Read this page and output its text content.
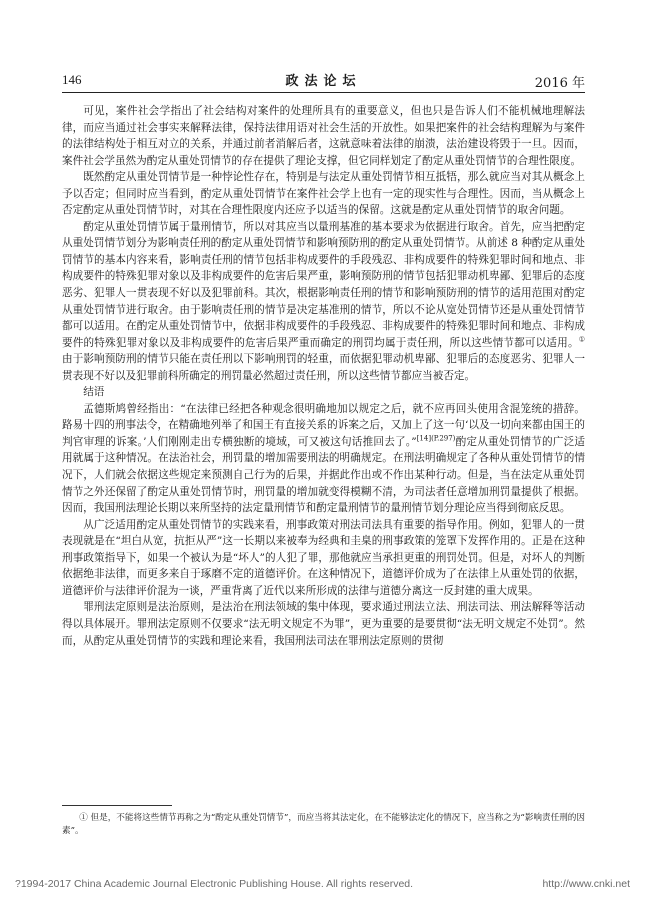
146	政法论坛	2016 年

可见，案件社会学指出了社会结构对案件的处理所具有的重要意义，但也只是告诉人们不能机械地理解法律，而应当通过社会事实来解释法律，保持法律用语对社会生活的开放性。如果把案件的社会结构理解为与案件的法律结构处于相互对立的关系，并通过前者消解后者，这就意味着法律的崩溃，法治建设将毁于一旦。因而，案件社会学虽然为酌定从重处罚情节的存在提供了理论支撑，但它同样划定了酌定从重处罚情节的合理性限度。

既然酌定从重处罚情节是一种悖论性存在，特别是与法定从重处罚情节相互抵牾，那么就应当对其从概念上予以否定；但同时应当看到，酌定从重处罚情节在案件社会学上也有一定的现实性与合理性。因而，当从概念上否定酌定从重处罚情节时，对其在合理性限度内还应予以适当的保留。这就是酌定从重处罚情节的取舍问题。

酌定从重处罚情节属于量刑情节，所以对其应当以量刑基准的基本要求为依据进行取舍。首先，应当把酌定从重处罚情节划分为影响责任刑的酌定从重处罚情节和影响预防刑的酌定从重处罚情节。从前述 8 种酌定从重处罚情节的基本内容来看，影响责任刑的情节包括非构成要件的手段残忍、非构成要件的特殊犯罪时间和地点、非构成要件的特殊犯罪对象以及非构成要件的危害后果严重，影响预防刑的情节包括犯罪动机卑鄙、犯罪后的态度恶劣、犯罪人一贯表现不好以及犯罪前科。其次，根据影响责任刑的情节和影响预防刑的情节的适用范围对酌定从重处罚情节进行取舍。由于影响责任刑的情节是决定基准刑的情节，所以不论从宽处罚情节还是从重处罚情节都可以适用。在酌定从重处罚情节中，依据非构成要件的手段残忍、非构成要件的特殊犯罪时间和地点、非构成要件的特殊犯罪对象以及非构成要件的危害后果严重而确定的刑罚均属于责任刑，所以这些情节都可以适用。①由于影响预防刑的情节只能在责任刑以下影响刑罚的轻重，而依据犯罪动机卑鄙、犯罪后的态度恶劣、犯罪人一贯表现不好以及犯罪前科所确定的刑罚量必然超过责任刑，所以这些情节都应当被否定。

结语

孟德斯鸠曾经指出：“在法律已经把各种观念很明确地加以规定之后，就不应再回头使用含混笼统的措辞。路易十四的刑事法令，在精确地列举了和国王有直接关系的诉案之后，又加上了这一句‘以及一切向来都由国王的判官审理的诉案。’人们刚刚走出专横独断的境域，可又被这句话推回去了。”$^{[14](P.297)}$酌定从重处罚情节的广泛适用就属于这种情况。在法治社会，刑罚量的增加需要刑法的明确规定。在刑法明确规定了各种从重处罚情节的情况下，人们就会依据这些规定来预测自己行为的后果，并据此作出或不作出某种行动。但是，当在法定从重处罚情节之外还保留了酌定从重处罚情节时，刑罚量的增加就变得模糊不清，为司法者任意增加刑罚量提供了根据。因而，我国刑法理论长期以来所坚持的法定量刑情节和酌定量刑情节的量刑情节划分理论应当得到彻底反思。

从广泛适用酌定从重处罚情节的实践来看，刑事政策对刑法司法具有重要的指导作用。例如，犯罪人的一贯表现就是在“坦白从宽，抗拒从严”这一长期以来被奉为经典和圭臬的刑事政策的笼罩下发挥作用的。正是在这种刑事政策指导下，如果一个被认为是“坏人”的人犯了罪，那他就应当承担更重的刑罚处罚。但是，对坏人的判断依据绝非法律，而更多来自于琢磨不定的道德评价。在这种情况下，道德评价成为了在法律上从重处罚的依据，道德评价与法律评价混为一谈，严重背离了近代以来所形成的法律与道德分离这一反封建的重大成果。

罪刑法定原则是法治原则，是法治在刑法领域的集中体现，要求通过刑法立法、刑法司法、刑法解释等活动得以具体展开。罪刑法定原则不仅要求“法无明文规定不为罪”，更为重要的是要贯彻“法无明文规定不处罚”。然而，从酌定从重处罚情节的实践和理论来看，我国刑法司法在罪刑法定原则的贯彻

① 但是，不能将这些情节再称之为“酌定从重处罚情节”，而应当将其法定化，在不能够法定化的情况下，应当称之为“影响责任刑的因素”。
?1994-2017 China Academic Journal Electronic Publishing House. All rights reserved.	http://www.cnki.net
